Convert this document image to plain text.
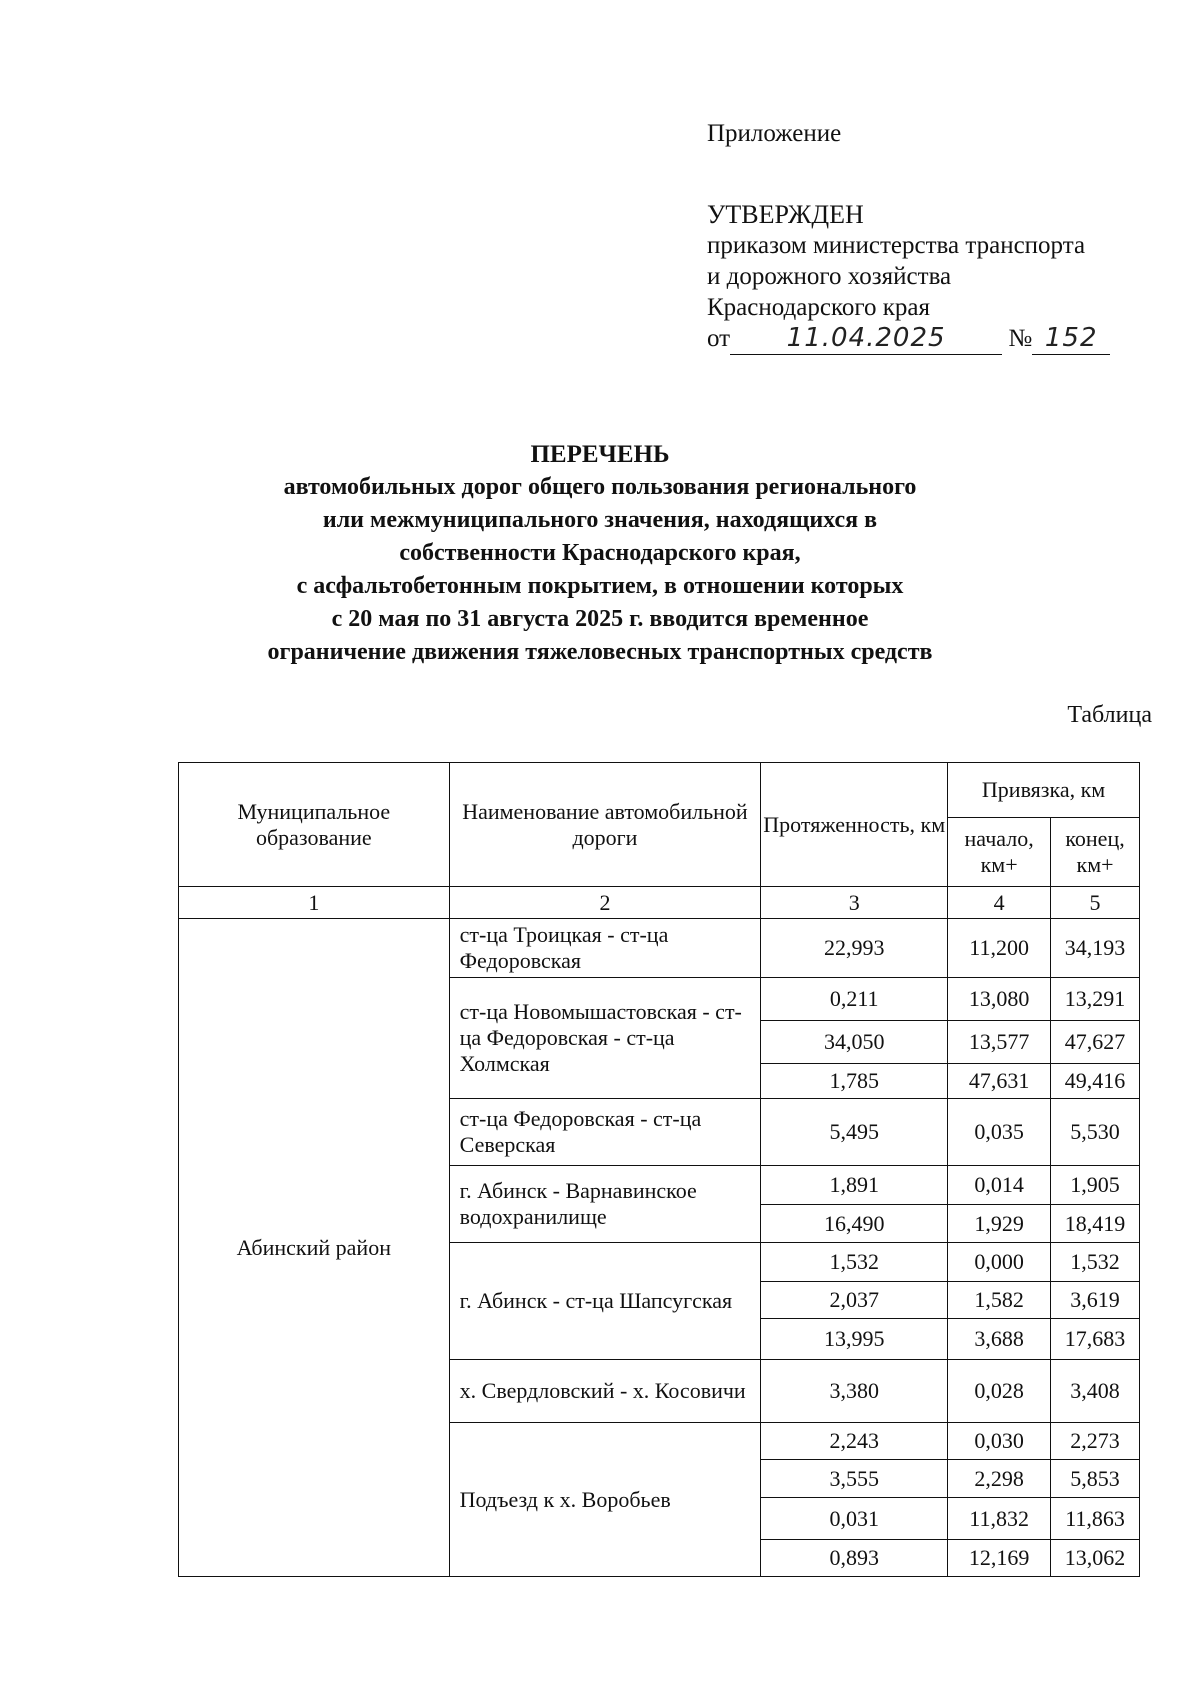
Приложение
УТВЕРЖДЕН
приказом министерства транспорта
и дорожного хозяйства
Краснодарского края
от 11.04.2025	№ 152
ПЕРЕЧЕНЬ
автомобильных дорог общего пользования регионального
или межмуниципального значения, находящихся в
собственности Краснодарского края,
с асфальтобетонным покрытием, в отношении которых
с 20 мая по 31 августа 2025 г. вводится временное
ограничение движения тяжеловесных транспортных средств
Таблица
Муниципальное образование	Наименование автомобильной дороги	Протяженность, км	Привязка, км	
			начало, км+	конец, км+
1	2	3	4	5
Абинский район	ст-ца Троицкая - ст-ца Федоровская	22,993	11,200	34,193
	ст-ца Новомышастовская - ст-ца Федоровская - ст-ца Холмская	0,211	13,080	13,291
		34,050	13,577	47,627
		1,785	47,631	49,416
	ст-ца Федоровская - ст-ца Северская	5,495	0,035	5,530
	г. Абинск - Варнавинское водохранилище	1,891	0,014	1,905
		16,490	1,929	18,419
	г. Абинск - ст-ца Шапсугская	1,532	0,000	1,532
		2,037	1,582	3,619
		13,995	3,688	17,683
	х. Свердловский - х. Косовичи	3,380	0,028	3,408
	Подъезд к х. Воробьев	2,243	0,030	2,273
		3,555	2,298	5,853
		0,031	11,832	11,863
		0,893	12,169	13,062
